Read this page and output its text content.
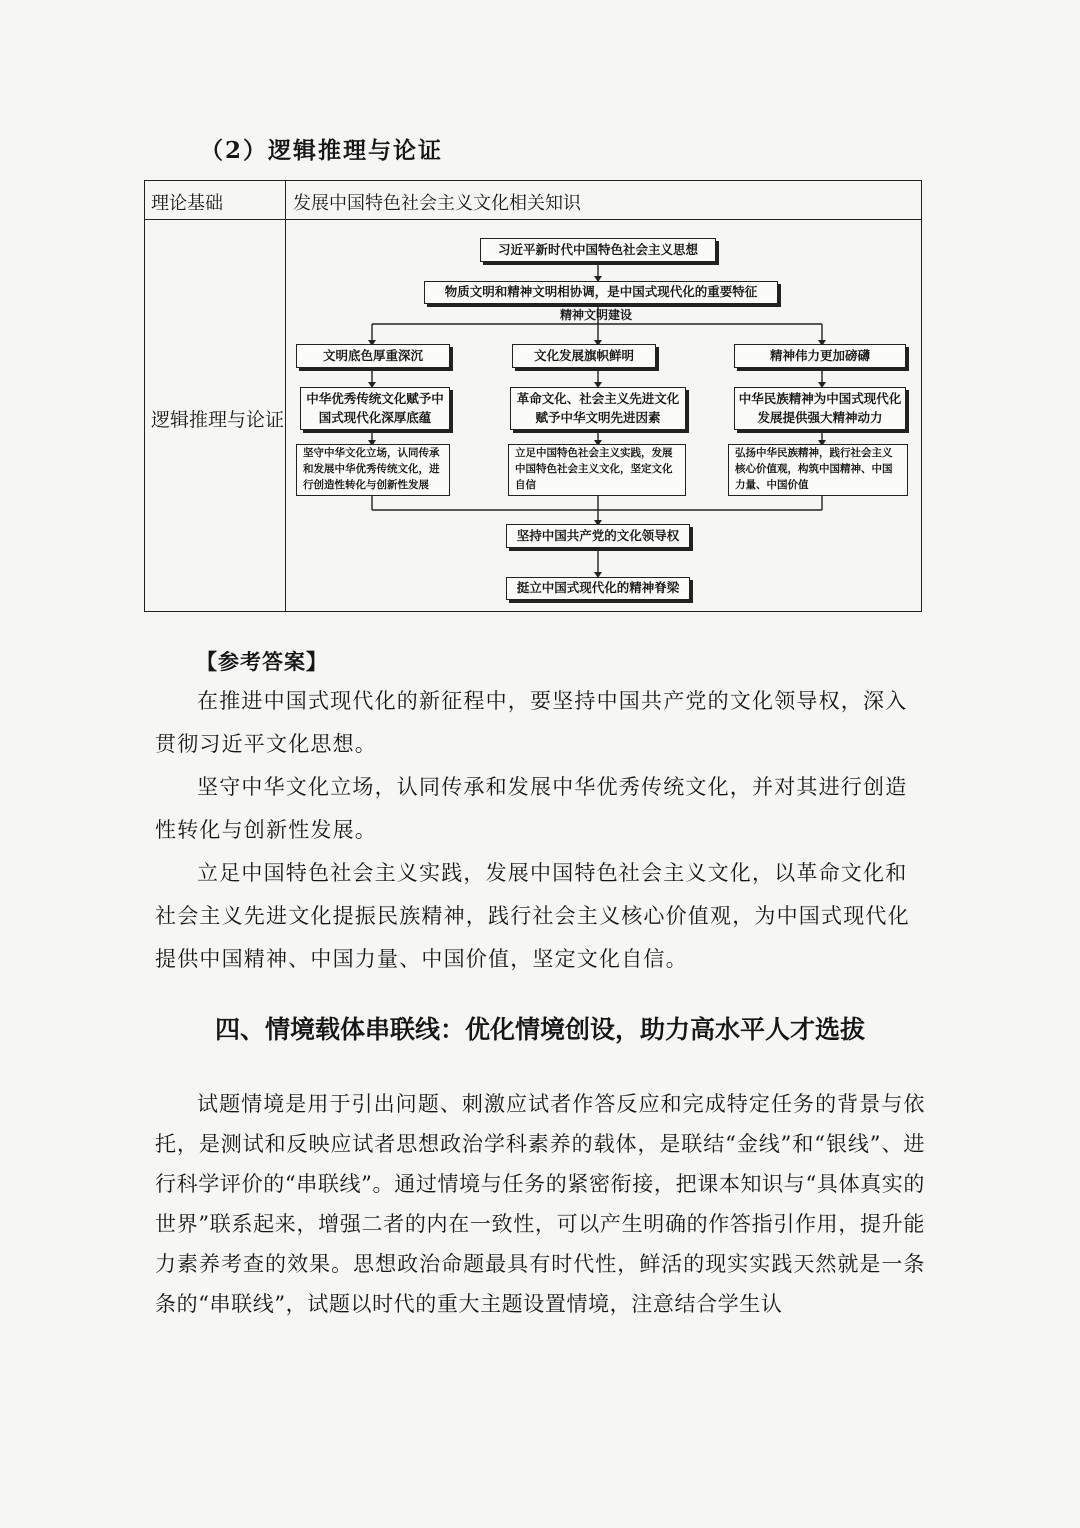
（2）逻辑推理与论证
理论基础	发展中国特色社会主义文化相关知识
逻辑推理与论证
习近平新时代中国特色社会主义思想
物质文明和精神文明相协调，是中国式现代化的重要特征
精神文明建设
文明底色厚重深沉	文化发展旗帜鲜明	精神伟力更加磅礴
中华优秀传统文化赋予中国式现代化深厚底蕴
革命文化、社会主义先进文化赋予中华文明先进因素
中华民族精神为中国式现代化发展提供强大精神动力
坚守中华文化立场，认同传承和发展中华优秀传统文化，进行创造性转化与创新性发展
立足中国特色社会主义实践，发展中国特色社会主义文化，坚定文化自信
弘扬中华民族精神，践行社会主义核心价值观，构筑中国精神、中国力量、中国价值
坚持中国共产党的文化领导权
挺立中国式现代化的精神脊梁
【参考答案】

在推进中国式现代化的新征程中，要坚持中国共产党的文化领导权，深入贯彻习近平文化思想。

坚守中华文化立场，认同传承和发展中华优秀传统文化，并对其进行创造性转化与创新性发展。

立足中国特色社会主义实践，发展中国特色社会主义文化，以革命文化和社会主义先进文化提振民族精神，践行社会主义核心价值观，为中国式现代化提供中国精神、中国力量、中国价值，坚定文化自信。

四、情境载体串联线：优化情境创设，助力高水平人才选拔

试题情境是用于引出问题、刺激应试者作答反应和完成特定任务的背景与依托，是测试和反映应试者思想政治学科素养的载体，是联结“金线”和“银线”、进行科学评价的“串联线”。通过情境与任务的紧密衔接，把课本知识与“具体真实的世界”联系起来，增强二者的内在一致性，可以产生明确的作答指引作用，提升能力素养考查的效果。思想政治命题最具有时代性，鲜活的现实实践天然就是一条条的“串联线”，试题以时代的重大主题设置情境，注意结合学生认
